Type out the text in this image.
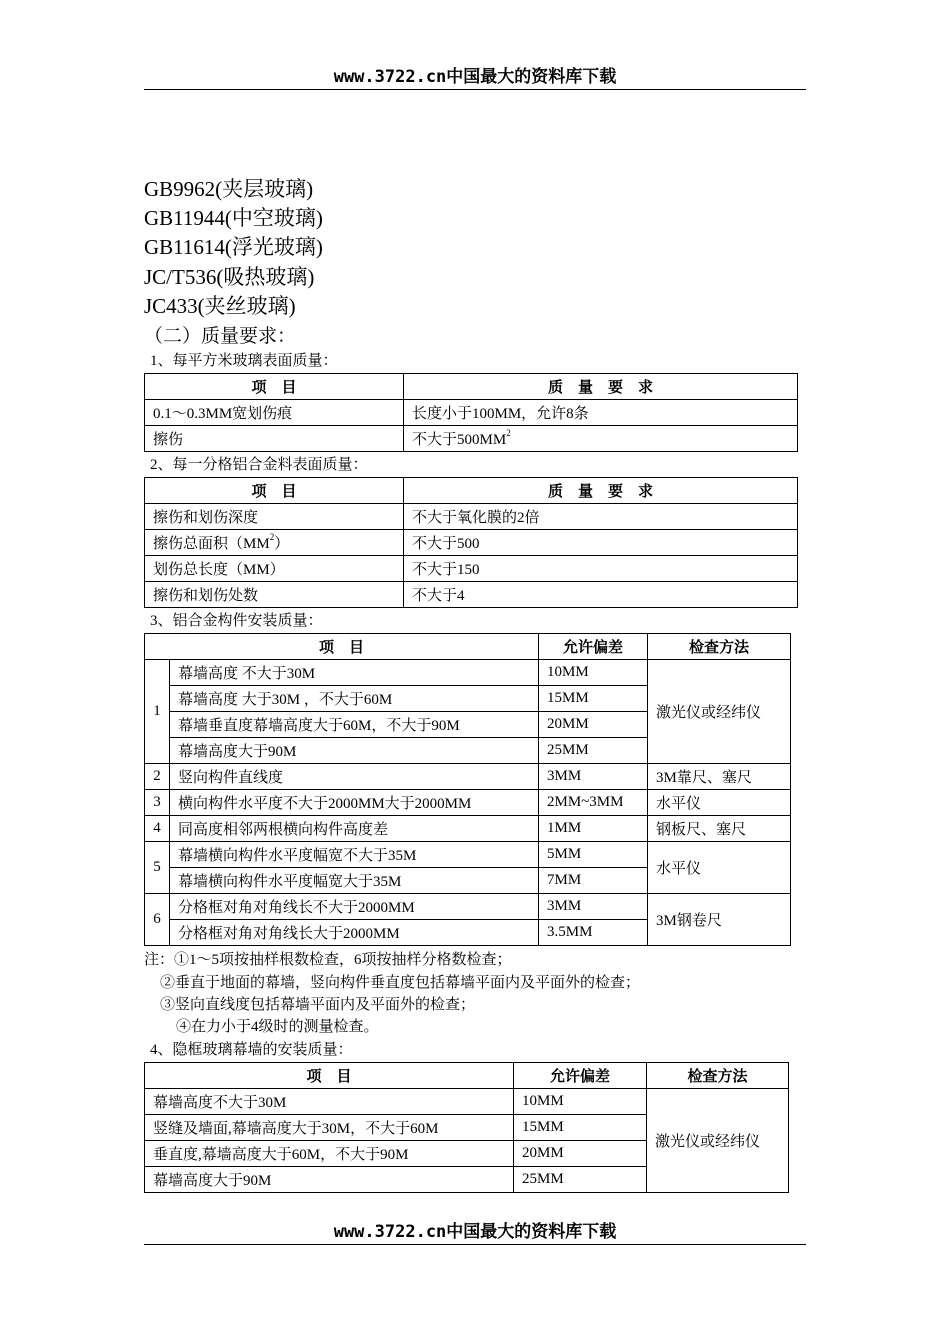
www.3722.cn中国最大的资料库下载
GB9962(夹层玻璃)
GB11944(中空玻璃)
GB11614(浮光玻璃)
JC/T536(吸热玻璃)
JC433(夹丝玻璃)
（二）质量要求：
1、每平方米玻璃表面质量：
项　目	质　量　要　求
0.1～0.3MM宽划伤痕	长度小于100MM，允许8条
擦伤	不大于$500MM^2$
2、每一分格铝合金料表面质量：
项　目	质　量　要　求
擦伤和划伤深度	不大于氧化膜的2倍
擦伤总面积$(MM^2)$	不大于500
划伤总长度（MM）	不大于150
擦伤和划伤处数	不大于4
3、铝合金构件安装质量：
项　目		允许偏差	检查方法
1	幕墙高度 不大于30M	10MM	激光仪或经纬仪
	幕墙高度 大于30M ，不大于60M	15MM	
	幕墙垂直度幕墙高度大于60M，不大于90M	20MM	
	幕墙高度大于90M	25MM	
2	竖向构件直线度	3MM	3M靠尺、塞尺
3	横向构件水平度不大于2000MM大于2000MM	2MM~3MM	水平仪
4	同高度相邻两根横向构件高度差	1MM	钢板尺、塞尺
5	幕墙横向构件水平度幅宽不大于35M	5MM	水平仪
	幕墙横向构件水平度幅宽大于35M	7MM	
6	分格框对角对角线长不大于2000MM	3MM	3M钢卷尺
	分格框对角对角线长大于2000MM	3.5MM	
注：①1～5项按抽样根数检查，6项按抽样分格数检查；
②垂直于地面的幕墙，竖向构件垂直度包括幕墙平面内及平面外的检查；
③竖向直线度包括幕墙平面内及平面外的检查；
④在力小于4级时的测量检查。
4、隐框玻璃幕墙的安装质量：
项　目	允许偏差	检查方法
幕墙高度不大于30M	10MM	激光仪或经纬仪
竖缝及墙面,幕墙高度大于30M，不大于60M	15MM	
垂直度,幕墙高度大于60M，不大于90M	20MM	
幕墙高度大于90M	25MM	
www.3722.cn中国最大的资料库下载
